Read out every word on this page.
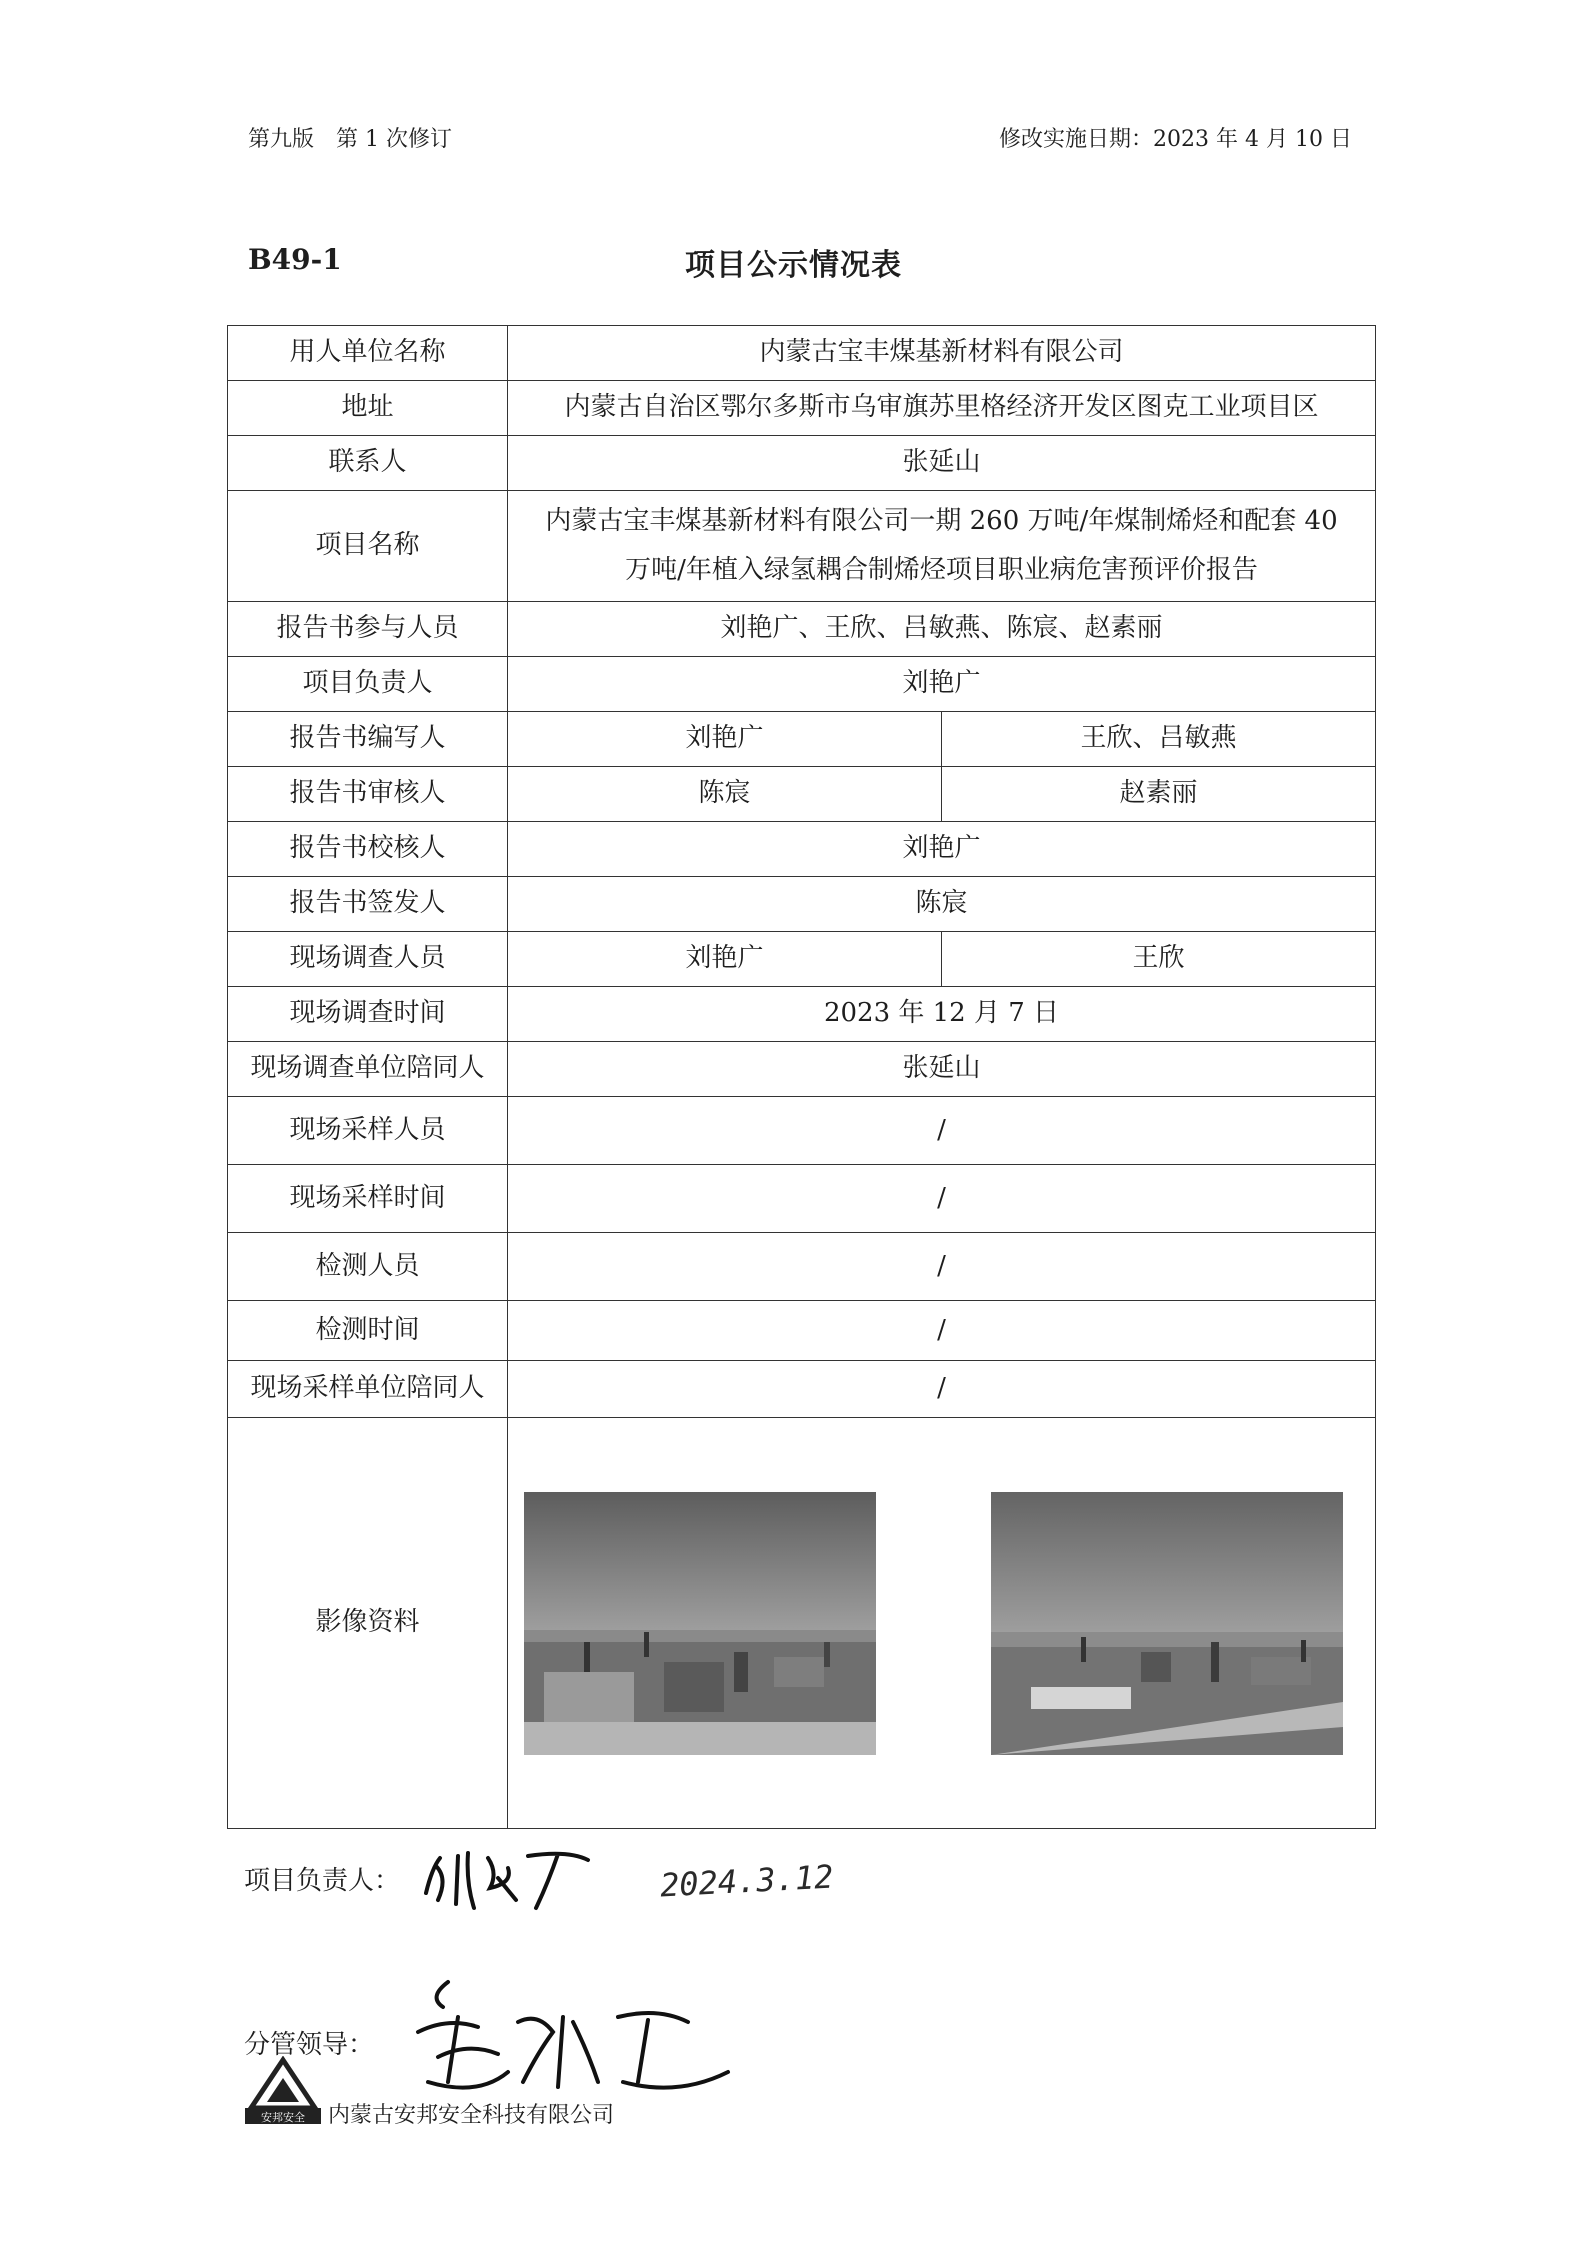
第九版　第 1 次修订	修改实施日期：2023 年 4 月 10 日
B49-1	项目公示情况表
用人单位名称	内蒙古宝丰煤基新材料有限公司	
地址	内蒙古自治区鄂尔多斯市乌审旗苏里格经济开发区图克工业项目区	
联系人	张延山	
项目名称	内蒙古宝丰煤基新材料有限公司一期 260 万吨/年煤制烯烃和配套 40
万吨/年植入绿氢耦合制烯烃项目职业病危害预评价报告	

报告书参与人员	刘艳广、王欣、吕敏燕、陈宸、赵素丽	
项目负责人	刘艳广	
报告书编写人	刘艳广	王欣、吕敏燕
报告书审核人	陈宸	赵素丽
报告书校核人	刘艳广	
报告书签发人	陈宸	
现场调查人员	刘艳广	王欣
现场调查时间	2023 年 12 月 7 日	
现场调查单位陪同人	张延山	
现场采样人员	/	
现场采样时间	/	
检测人员	/	
检测时间	/	
现场采样单位陪同人	/	
影像资料	
项目负责人：	2024.3.12
分管领导：
安邦安全 内蒙古安邦安全科技有限公司
